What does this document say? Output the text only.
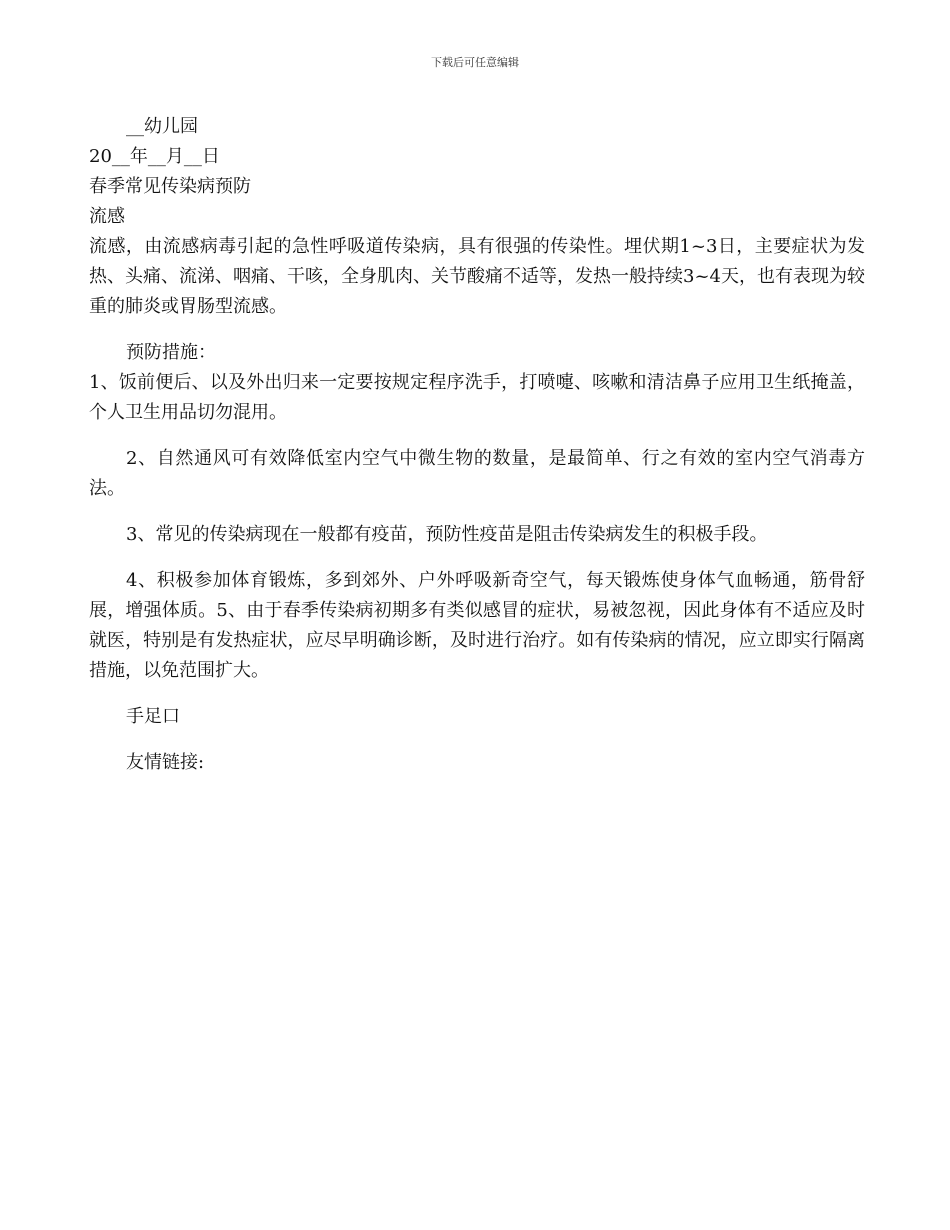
下载后可任意编辑

__幼儿园

20__年__月__日

春季常见传染病预防

流感

流感，由流感病毒引起的急性呼吸道传染病，具有很强的传染性。埋伏期1~3日，主要症状为发热、头痛、流涕、咽痛、干咳，全身肌肉、关节酸痛不适等，发热一般持续3~4天，也有表现为较重的肺炎或胃肠型流感。

预防措施：

1、饭前便后、以及外出归来一定要按规定程序洗手，打喷嚏、咳嗽和清洁鼻子应用卫生纸掩盖，个人卫生用品切勿混用。

2、自然通风可有效降低室内空气中微生物的数量，是最简单、行之有效的室内空气消毒方法。

3、常见的传染病现在一般都有疫苗，预防性疫苗是阻击传染病发生的积极手段。

4、积极参加体育锻炼，多到郊外、户外呼吸新奇空气，每天锻炼使身体气血畅通，筋骨舒展，增强体质。5、由于春季传染病初期多有类似感冒的症状，易被忽视，因此身体有不适应及时就医，特别是有发热症状，应尽早明确诊断，及时进行治疗。如有传染病的情况，应立即实行隔离措施，以免范围扩大。

手足口

友情链接:
